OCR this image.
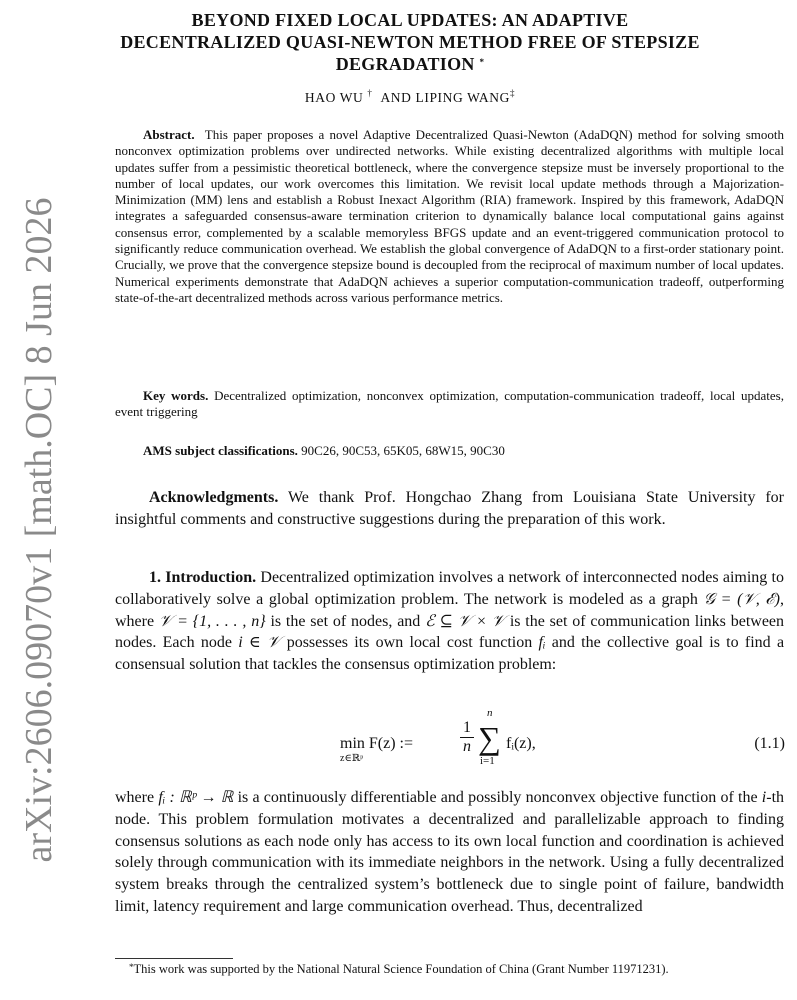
arXiv:2606.09070v1 [math.OC] 8 Jun 2026
BEYOND FIXED LOCAL UPDATES: AN ADAPTIVE
DECENTRALIZED QUASI-NEWTON METHOD FREE OF STEPSIZE
DEGRADATION *
HAO WU † AND LIPING WANG‡
Abstract. This paper proposes a novel Adaptive Decentralized Quasi-Newton (AdaDQN) method for solving smooth nonconvex optimization problems over undirected networks. While existing decentralized algorithms with multiple local updates suffer from a pessimistic theoretical bottleneck, where the convergence stepsize must be inversely proportional to the number of local updates, our work overcomes this limitation. We revisit local update methods through a Majorization-Minimization (MM) lens and establish a Robust Inexact Algorithm (RIA) framework. Inspired by this framework, AdaDQN integrates a safeguarded consensus-aware termination criterion to dynamically balance local computational gains against consensus error, complemented by a scalable memoryless BFGS update and an event-triggered communication protocol to significantly reduce communication overhead. We establish the global convergence of AdaDQN to a first-order stationary point. Crucially, we prove that the convergence stepsize bound is decoupled from the reciprocal of maximum number of local updates. Numerical experiments demonstrate that AdaDQN achieves a superior computation-communication tradeoff, outperforming state-of-the-art decentralized methods across various performance metrics.
Key words. Decentralized optimization, nonconvex optimization, computation-communication tradeoff, local updates, event triggering
AMS subject classifications. 90C26, 90C53, 65K05, 68W15, 90C30
Acknowledgments. We thank Prof. Hongchao Zhang from Louisiana State University for insightful comments and constructive suggestions during the preparation of this work.
1. Introduction. Decentralized optimization involves a network of interconnected nodes aiming to collaboratively solve a global optimization problem. The network is modeled as a graph 𝒢 = (𝒱, ℰ), where 𝒱 = {1, . . . , n} is the set of nodes, and ℰ ⊆ 𝒱 × 𝒱 is the set of communication links between nodes. Each node i ∈ 𝒱 possesses its own local cost function fᵢ and the collective goal is to find a consensual solution that tackles the consensus optimization problem:
min F(z) :=
z∈ℝᵖ
$\frac{1}{n}$
n
∑
i=1
fᵢ(z),	(1.1)
where fᵢ : ℝᵖ → ℝ is a continuously differentiable and possibly nonconvex objective function of the i-th node. This problem formulation motivates a decentralized and parallelizable approach to finding consensus solutions as each node only has access to its own local function and coordination is achieved solely through communication with its immediate neighbors in the network. Using a fully decentralized system breaks through the centralized system’s bottleneck due to single point of failure, bandwidth limit, latency requirement and large communication overhead. Thus, decentralized
*This work was supported by the National Natural Science Foundation of China (Grant Number 11971231).
